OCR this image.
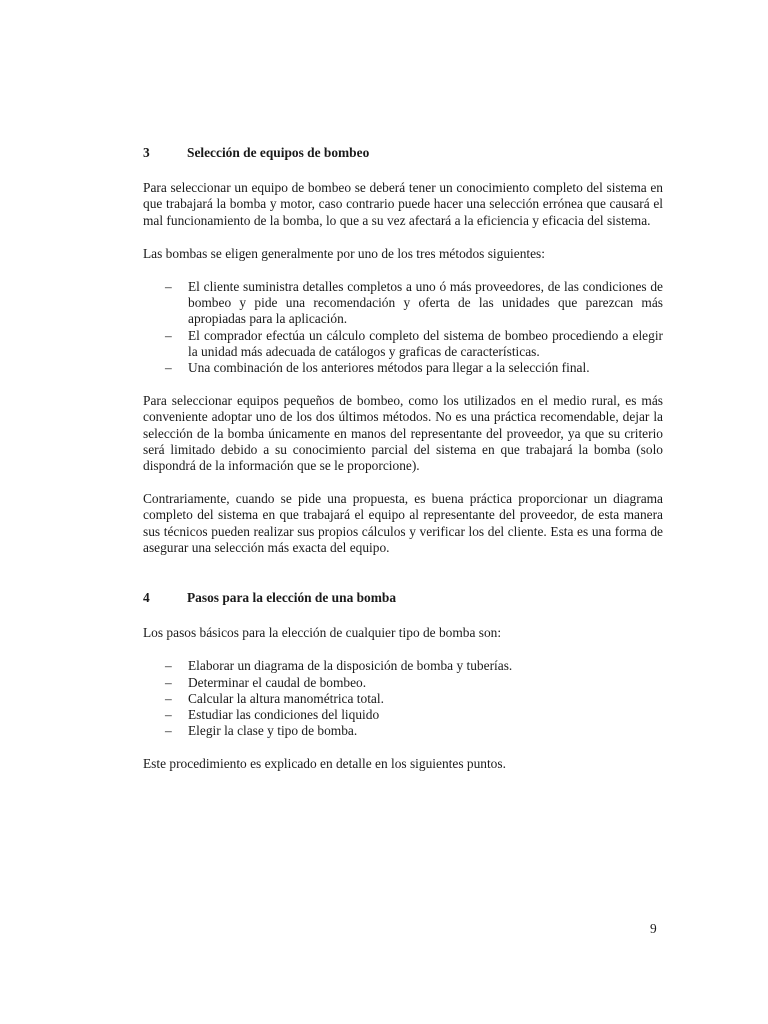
3	Selección de equipos de bombeo

Para seleccionar un equipo de bombeo se deberá tener un conocimiento completo del sistema en que trabajará la bomba y motor, caso contrario puede hacer una selección errónea que causará el mal funcionamiento de la bomba, lo que a su vez afectará a la eficiencia y eficacia del sistema.

Las bombas se eligen generalmente por uno de los tres métodos siguientes:

– El cliente suministra detalles completos a uno ó más proveedores, de las condiciones de bombeo y pide una recomendación y oferta de las unidades que parezcan más apropiadas para la aplicación.
– El comprador efectúa un cálculo completo del sistema de bombeo procediendo a elegir la unidad más adecuada de catálogos y graficas de características.
– Una combinación de los anteriores métodos para llegar a la selección final.

Para seleccionar equipos pequeños de bombeo, como los utilizados en el medio rural, es más conveniente adoptar uno de los dos últimos métodos. No es una práctica recomendable, dejar la selección de la bomba únicamente en manos del representante del proveedor, ya que su criterio será limitado debido a su conocimiento parcial del sistema en que trabajará la bomba (solo dispondrá de la información que se le proporcione).

Contrariamente, cuando se pide una propuesta, es buena práctica proporcionar un diagrama completo del sistema en que trabajará el equipo al representante del proveedor, de esta manera sus técnicos pueden realizar sus propios cálculos y verificar los del cliente. Esta es una forma de asegurar una selección más exacta del equipo.

4	Pasos para la elección de una bomba

Los pasos básicos para la elección de cualquier tipo de bomba son:

– Elaborar un diagrama de la disposición de bomba y tuberías.
– Determinar el caudal de bombeo.
– Calcular la altura manométrica total.
– Estudiar las condiciones del liquido
– Elegir la clase y tipo de bomba.

Este procedimiento es explicado en detalle en los siguientes puntos.

9
